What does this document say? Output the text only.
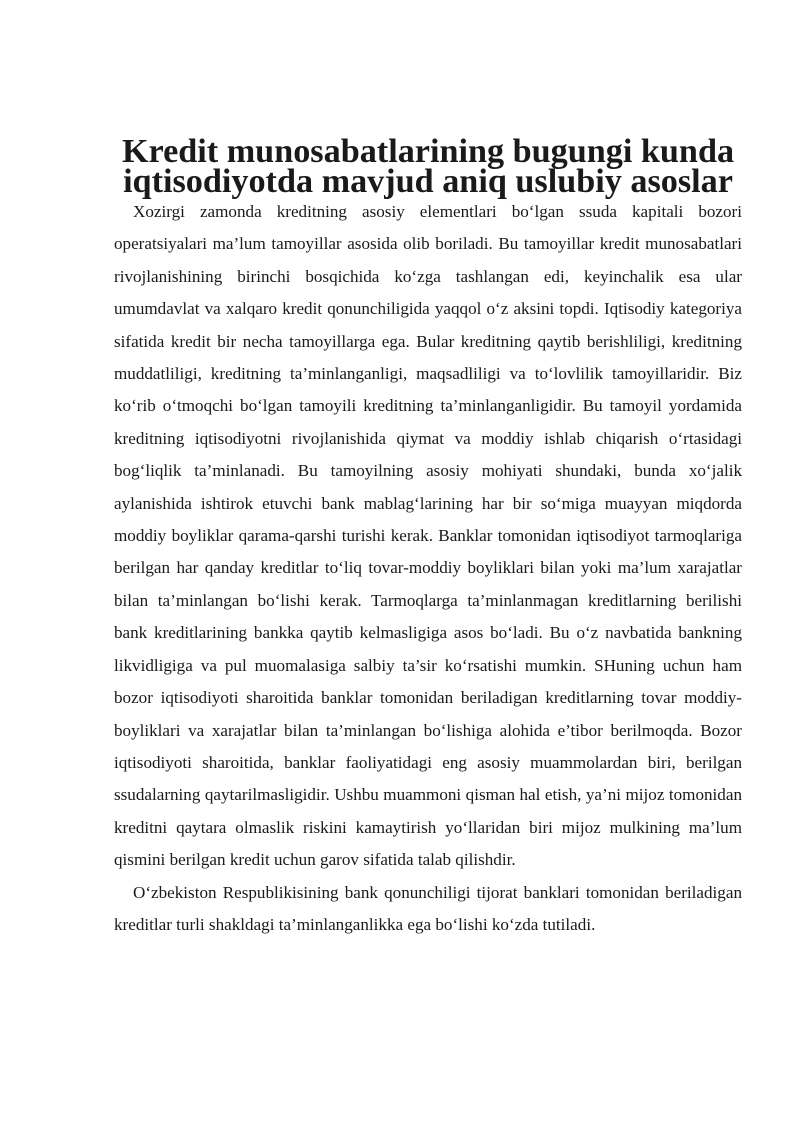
Kredit munosabatlarining bugungi kunda iqtisodiyotda mavjud aniq uslubiy asoslar

Xozirgi zamonda kreditning asosiy elementlari bo‘lgan ssuda kapitali bozori operatsiyalari ma’lum tamoyillar asosida olib boriladi. Bu tamoyillar kredit munosabatlari rivojlanishining birinchi bosqichida ko‘zga tashlangan edi, keyinchalik esa ular umumdavlat va xalqaro kredit qonunchiligida yaqqol o‘z aksini topdi. Iqtisodiy kategoriya sifatida kredit bir necha tamoyillarga ega. Bular kreditning qaytib berishliligi, kreditning muddatliligi, kreditning ta’minlanganligi, maqsadliligi va to‘lovlilik tamoyillaridir. Biz ko‘rib o‘tmoqchi bo‘lgan tamoyili kreditning ta’minlanganligidir. Bu tamoyil yordamida kreditning iqtisodiyotni rivojlanishida qiymat va moddiy ishlab chiqarish o‘rtasidagi bog‘liqlik ta’minlanadi. Bu tamoyilning asosiy mohiyati shundaki, bunda xo‘jalik aylanishida ishtirok etuvchi bank mablag‘larining har bir so‘miga muayyan miqdorda moddiy boyliklar qarama-qarshi turishi kerak. Banklar tomonidan iqtisodiyot tarmoqlariga berilgan har qanday kreditlar to‘liq tovar-moddiy boyliklari bilan yoki ma’lum xarajatlar bilan ta’minlangan bo‘lishi kerak. Tarmoqlarga ta’minlanmagan kreditlarning berilishi bank kreditlarining bankka qaytib kelmasligiga asos bo‘ladi. Bu o‘z navbatida bankning likvidligiga va pul muomalasiga salbiy ta’sir ko‘rsatishi mumkin. SHuning uchun ham bozor iqtisodiyoti sharoitida banklar tomonidan beriladigan kreditlarning tovar moddiy-boyliklari va xarajatlar bilan ta’minlangan bo‘lishiga alohida e’tibor berilmoqda. Bozor iqtisodiyoti sharoitida, banklar faoliyatidagi eng asosiy muammolardan biri, berilgan ssudalarning qaytarilmasligidir. Ushbu muammoni qisman hal etish, ya’ni mijoz tomonidan kreditni qaytara olmaslik riskini kamaytirish yo‘llaridan biri mijoz mulkining ma’lum qismini berilgan kredit uchun garov sifatida talab qilishdir.

O‘zbekiston Respublikisining bank qonunchiligi tijorat banklari tomonidan beriladigan kreditlar turli shakldagi ta’minlanganlikka ega bo‘lishi ko‘zda tutiladi.
